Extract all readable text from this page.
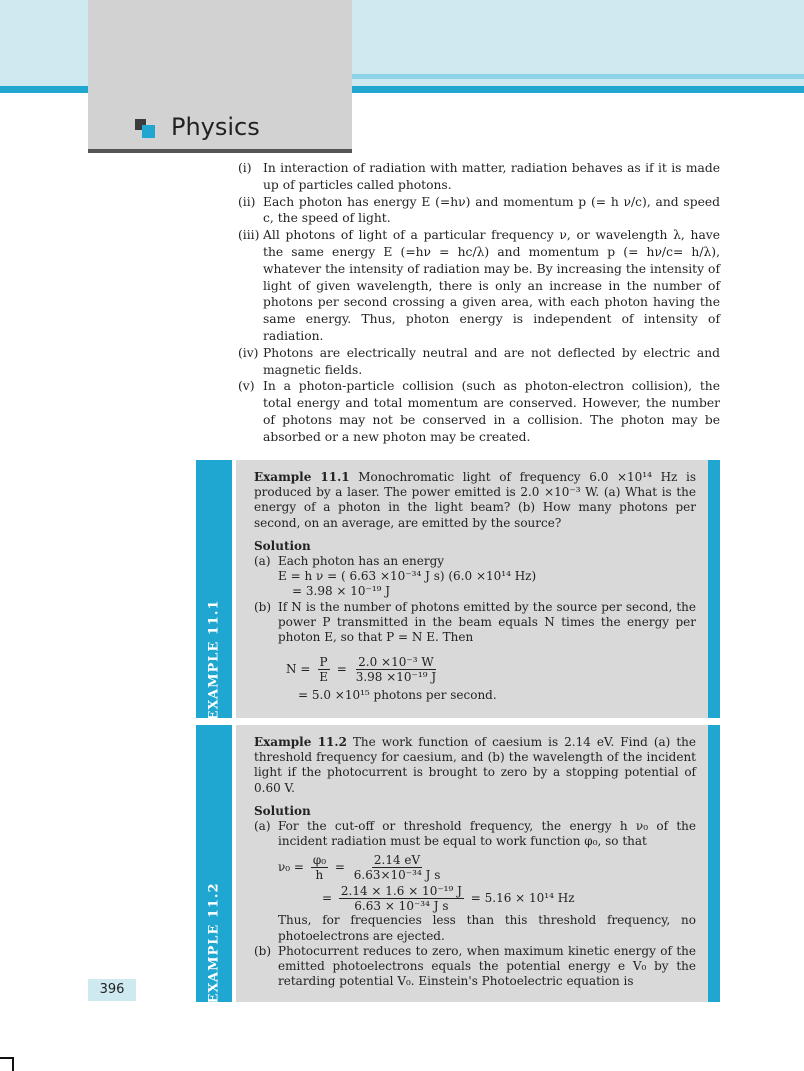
Physics
(i) In interaction of radiation with matter, radiation behaves as if it is made up of particles called photons.
(ii) Each photon has energy E (=hν) and momentum p (= h ν/c), and speed c, the speed of light.
(iii) All photons of light of a particular frequency ν, or wavelength λ, have the same energy E (=hν = hc/λ) and momentum p (= hν/c= h/λ), whatever the intensity of radiation may be. By increasing the intensity of light of given wavelength, there is only an increase in the number of photons per second crossing a given area, with each photon having the same energy. Thus, photon energy is independent of intensity of radiation.
(iv) Photons are electrically neutral and are not deflected by electric and magnetic fields.
(v) In a photon-particle collision (such as photon-electron collision), the total energy and total momentum are conserved. However, the number of photons may not be conserved in a collision. The photon may be absorbed or a new photon may be created.
EXAMPLE 11.1

Example 11.1 Monochromatic light of frequency 6.0 ×10¹⁴ Hz is produced by a laser. The power emitted is 2.0 ×10⁻³ W. (a) What is the energy of a photon in the light beam? (b) How many photons per second, on an average, are emitted by the source?

Solution

(a) Each photon has an energy

E = h ν = ( 6.63 ×10⁻³⁴ J s) (6.0 ×10¹⁴ Hz)

= 3.98 × 10⁻¹⁹ J

(b) If N is the number of photons emitted by the source per second, the power P transmitted in the beam equals N times the energy per photon E, so that P = N E. Then

$N = \frac{P}{E} = \frac{\text{2.0 ×10⁻³ W}}{\text{3.98 ×10⁻¹⁹ J}}$

= 5.0 ×10¹⁵ photons per second.

EXAMPLE 11.2

Example 11.2 The work function of caesium is 2.14 eV. Find (a) the threshold frequency for caesium, and (b) the wavelength of the incident light if the photocurrent is brought to zero by a stopping potential of 0.60 V.

Solution

(a) For the cut-off or threshold frequency, the energy h ν₀ of the incident radiation must be equal to work function φ₀, so that

$\nu_0 = \frac{\text{φ₀}}{h} = \frac{2.14 eV}{\text{6.63×10⁻³⁴ J s}}$
= $\frac{\text{2.14 × 1.6 × 10⁻¹⁹ J}}{\text{6.63 × 10⁻³⁴ J s}} = 5.16 \times 10^{14}$ Hz

Thus, for frequencies less than this threshold frequency, no photoelectrons are ejected.

(b) Photocurrent reduces to zero, when maximum kinetic energy of the emitted photoelectrons equals the potential energy e V₀ by the retarding potential V₀. Einstein's Photoelectric equation is

396
